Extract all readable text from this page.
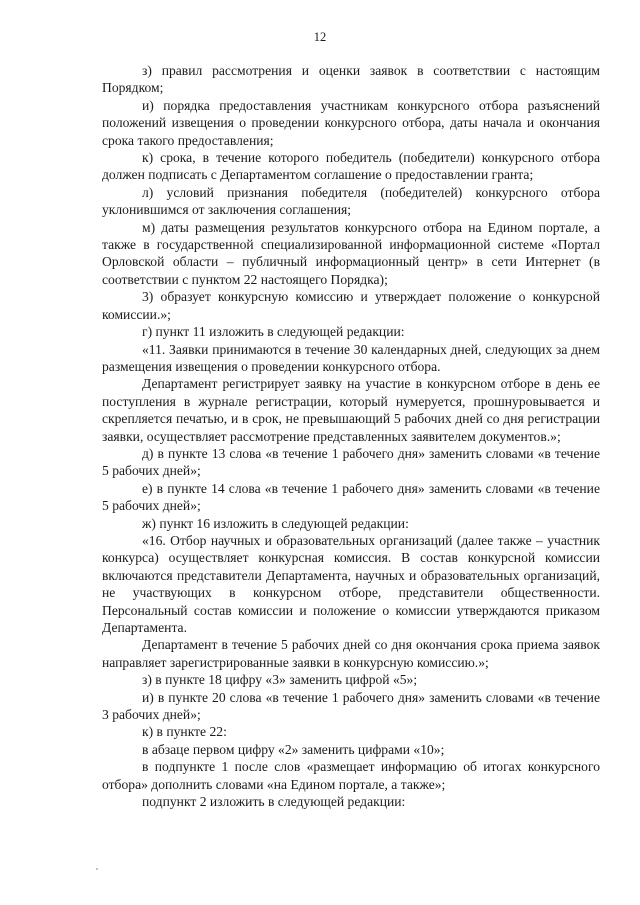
12

з) правил рассмотрения и оценки заявок в соответствии с настоящим Порядком;

и) порядка предоставления участникам конкурсного отбора разъяснений положений извещения о проведении конкурсного отбора, даты начала и окончания срока такого предоставления;

к) срока, в течение которого победитель (победители) конкурсного отбора должен подписать с Департаментом соглашение о предоставлении гранта;

л) условий признания победителя (победителей) конкурсного отбора уклонившимся от заключения соглашения;

м) даты размещения результатов конкурсного отбора на Едином портале, а также в государственной специализированной информационной системе «Портал Орловской области – публичный информационный центр» в сети Интернет (в соответствии с пунктом 22 настоящего Порядка);

3) образует конкурсную комиссию и утверждает положение о конкурсной комиссии.»;

г) пункт 11 изложить в следующей редакции:

«11. Заявки принимаются в течение 30 календарных дней, следующих за днем размещения извещения о проведении конкурсного отбора.

Департамент регистрирует заявку на участие в конкурсном отборе в день ее поступления в журнале регистрации, который нумеруется, прошнуровывается и скрепляется печатью, и в срок, не превышающий 5 рабочих дней со дня регистрации заявки, осуществляет рассмотрение представленных заявителем документов.»;

д) в пункте 13 слова «в течение 1 рабочего дня» заменить словами «в течение 5 рабочих дней»;

е) в пункте 14 слова «в течение 1 рабочего дня» заменить словами «в течение 5 рабочих дней»;

ж) пункт 16 изложить в следующей редакции:

«16. Отбор научных и образовательных организаций (далее также – участник конкурса) осуществляет конкурсная комиссия. В состав конкурсной комиссии включаются представители Департамента, научных и образовательных организаций, не участвующих в конкурсном отборе, представители общественности. Персональный состав комиссии и положение о комиссии утверждаются приказом Департамента.

Департамент в течение 5 рабочих дней со дня окончания срока приема заявок направляет зарегистрированные заявки в конкурсную комиссию.»;

з) в пункте 18 цифру «3» заменить цифрой «5»;

и) в пункте 20 слова «в течение 1 рабочего дня» заменить словами «в течение 3 рабочих дней»;

к) в пункте 22:

в абзаце первом цифру «2» заменить цифрами «10»;

в подпункте 1 после слов «размещает информацию об итогах конкурсного отбора» дополнить словами «на Едином портале, а также»;

подпункт 2 изложить в следующей редакции:
